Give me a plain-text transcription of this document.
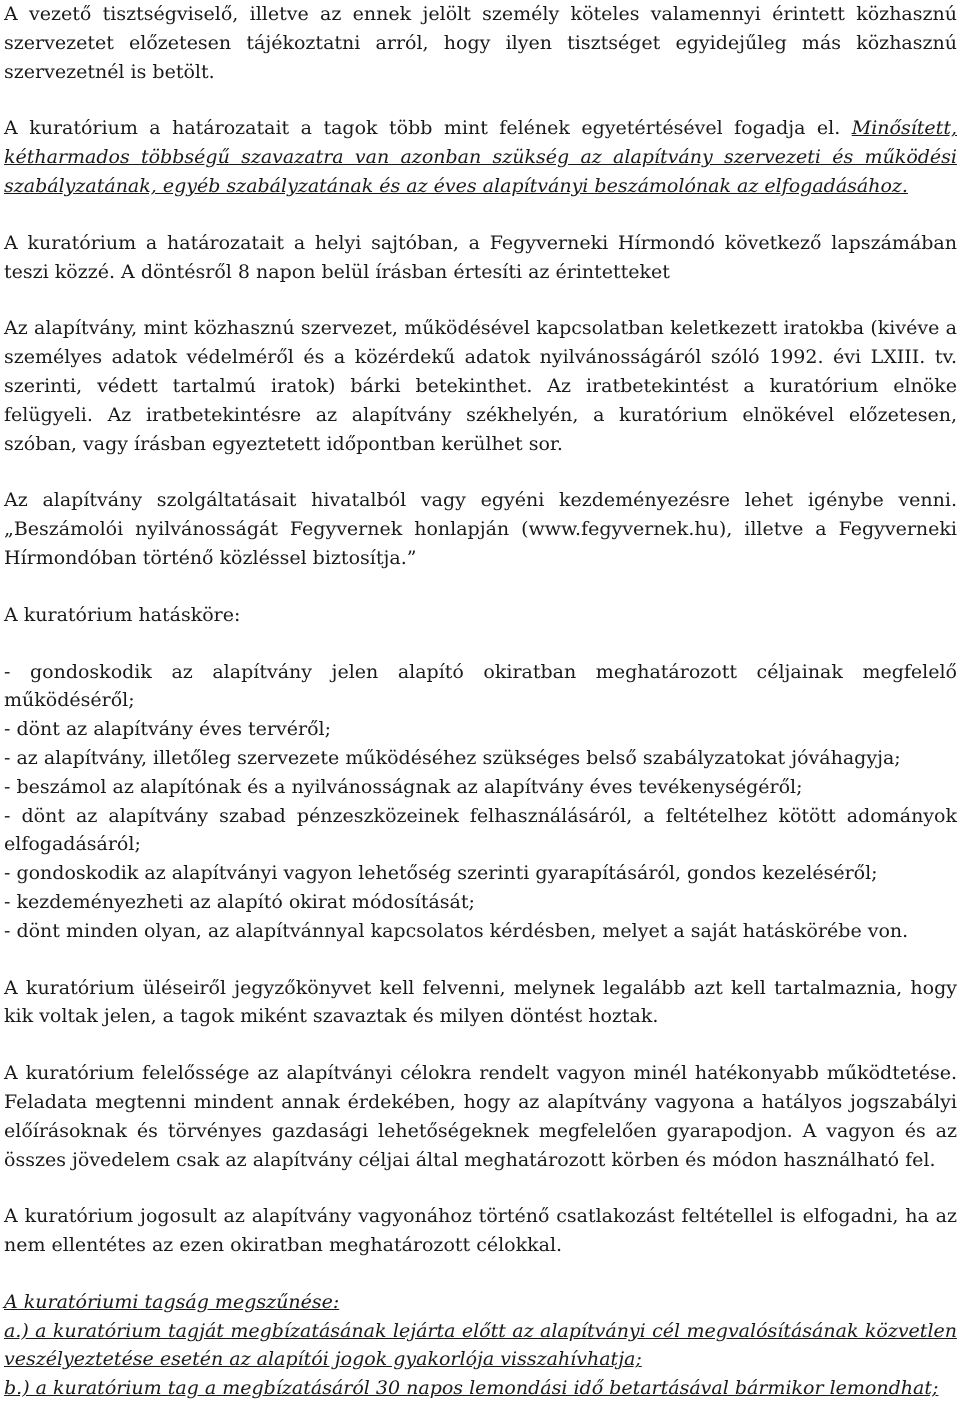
A vezető tisztségviselő, illetve az ennek jelölt személy köteles valamennyi érintett közhasznú szervezetet előzetesen tájékoztatni arról, hogy ilyen tisztséget egyidejűleg más közhasznú szervezetnél is betölt.

A kuratórium a határozatait a tagok több mint felének egyetértésével fogadja el. Minősített, kétharmados többségű szavazatra van azonban szükség az alapítvány szervezeti és működési szabályzatának, egyéb szabályzatának és az éves alapítványi beszámolónak az elfogadásához.

A kuratórium a határozatait a helyi sajtóban, a Fegyverneki Hírmondó következő lapszámában teszi közzé. A döntésről 8 napon belül írásban értesíti az érintetteket

Az alapítvány, mint közhasznú szervezet, működésével kapcsolatban keletkezett iratokba (kivéve a személyes adatok védelméről és a közérdekű adatok nyilvánosságáról szóló 1992. évi LXIII. tv. szerinti, védett tartalmú iratok) bárki betekinthet. Az iratbetekintést a kuratórium elnöke felügyeli. Az iratbetekintésre az alapítvány székhelyén, a kuratórium elnökével előzetesen, szóban, vagy írásban egyeztetett időpontban kerülhet sor.

Az alapítvány szolgáltatásait hivatalból vagy egyéni kezdeményezésre lehet igénybe venni. „Beszámolói nyilvánosságát Fegyvernek honlapján (www.fegyvernek.hu), illetve a Fegyverneki Hírmondóban történő közléssel biztosítja.”

A kuratórium hatásköre:

- gondoskodik az alapítvány jelen alapító okiratban meghatározott céljainak megfelelő működéséről;

- dönt az alapítvány éves tervéről;

- az alapítvány, illetőleg szervezete működéséhez szükséges belső szabályzatokat jóváhagyja;

- beszámol az alapítónak és a nyilvánosságnak az alapítvány éves tevékenységéről;

- dönt az alapítvány szabad pénzeszközeinek felhasználásáról, a feltételhez kötött adományok elfogadásáról;

- gondoskodik az alapítványi vagyon lehetőség szerinti gyarapításáról, gondos kezeléséről;

- kezdeményezheti az alapító okirat módosítását;

- dönt minden olyan, az alapítvánnyal kapcsolatos kérdésben, melyet a saját hatáskörébe von.

A kuratórium üléseiről jegyzőkönyvet kell felvenni, melynek legalább azt kell tartalmaznia, hogy kik voltak jelen, a tagok miként szavaztak és milyen döntést hoztak.

A kuratórium felelőssége az alapítványi célokra rendelt vagyon minél hatékonyabb működtetése. Feladata megtenni mindent annak érdekében, hogy az alapítvány vagyona a hatályos jogszabályi előírásoknak és törvényes gazdasági lehetőségeknek megfelelően gyarapodjon. A vagyon és az összes jövedelem csak az alapítvány céljai által meghatározott körben és módon használható fel.

A kuratórium jogosult az alapítvány vagyonához történő csatlakozást feltétellel is elfogadni, ha az nem ellentétes az ezen okiratban meghatározott célokkal.

A kuratóriumi tagság megszűnése:

a.) a kuratórium tagját megbízatásának lejárta előtt az alapítványi cél megvalósításának közvetlen veszélyeztetése esetén az alapítói jogok gyakorlója visszahívhatja;

b.) a kuratórium tag a megbízatásáról 30 napos lemondási idő betartásával bármikor lemondhat;
